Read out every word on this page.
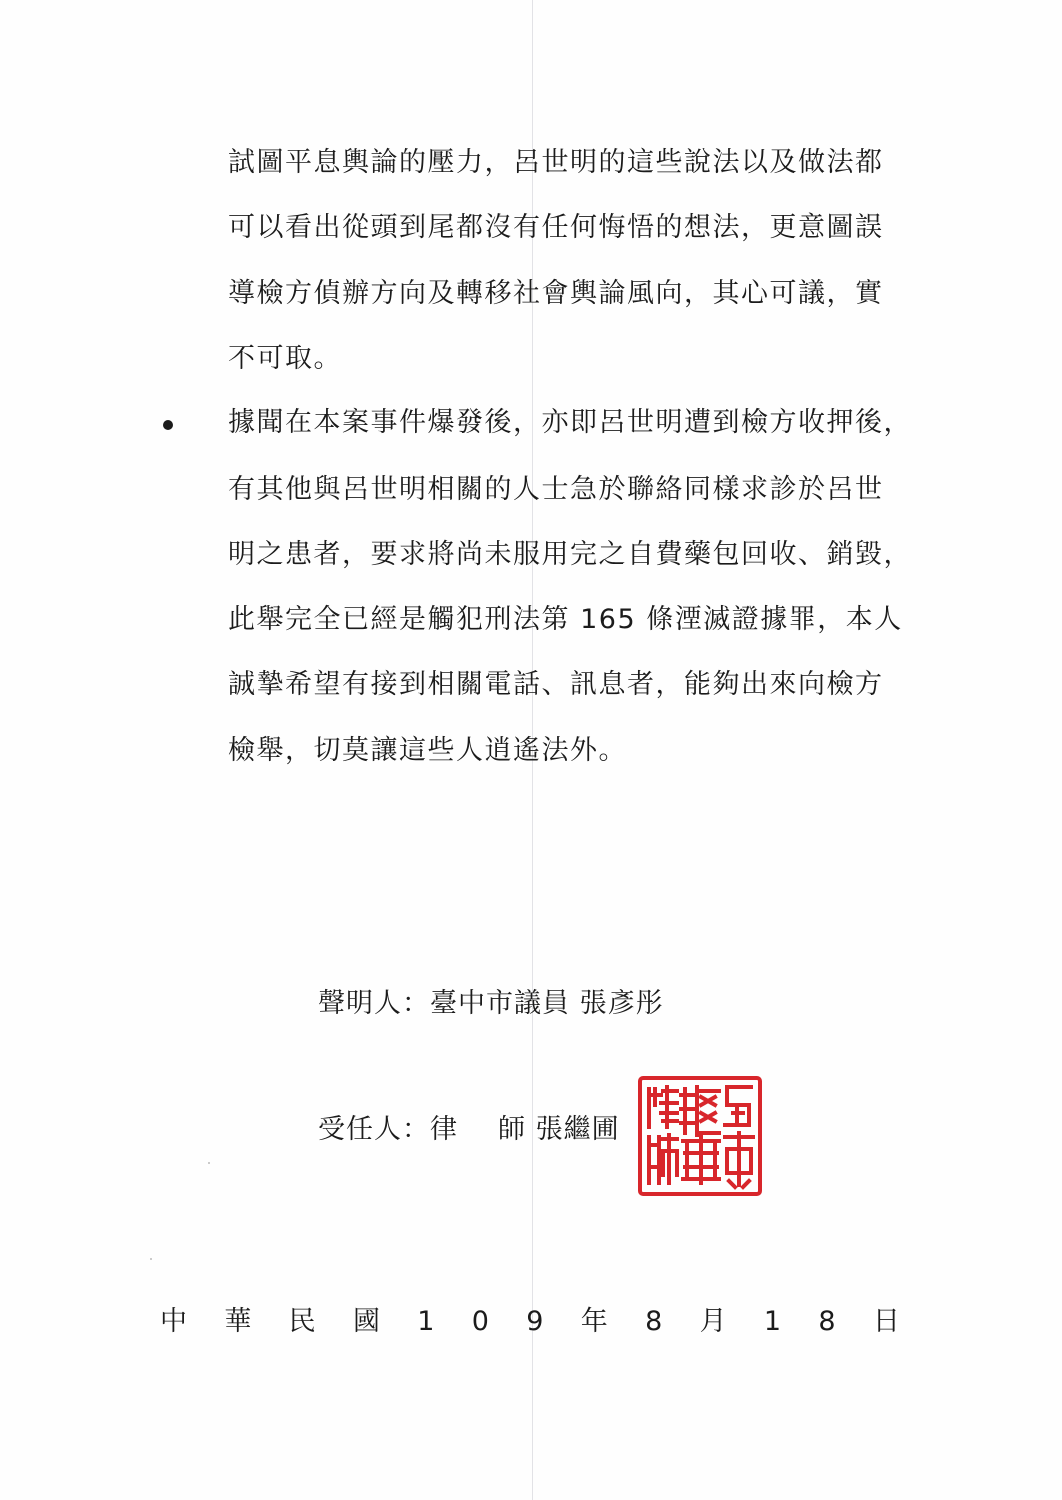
試圖平息輿論的壓力，呂世明的這些說法以及做法都
可以看出從頭到尾都沒有任何悔悟的想法，更意圖誤
導檢方偵辦方向及轉移社會輿論風向，其心可議，實
不可取。
據聞在本案事件爆發後，亦即呂世明遭到檢方收押後，
有其他與呂世明相關的人士急於聯絡同樣求診於呂世
明之患者，要求將尚未服用完之自費藥包回收、銷毀，
此舉完全已經是觸犯刑法第 165 條湮滅證據罪，本人
誠摯希望有接到相關電話、訊息者，能夠出來向檢方
檢舉，切莫讓這些人逍遙法外。
聲明人：臺中市議員 張彥彤
受任人：律 師 張繼圃
中 華 民 國 1 0 9 年 8 月 1 8 日
